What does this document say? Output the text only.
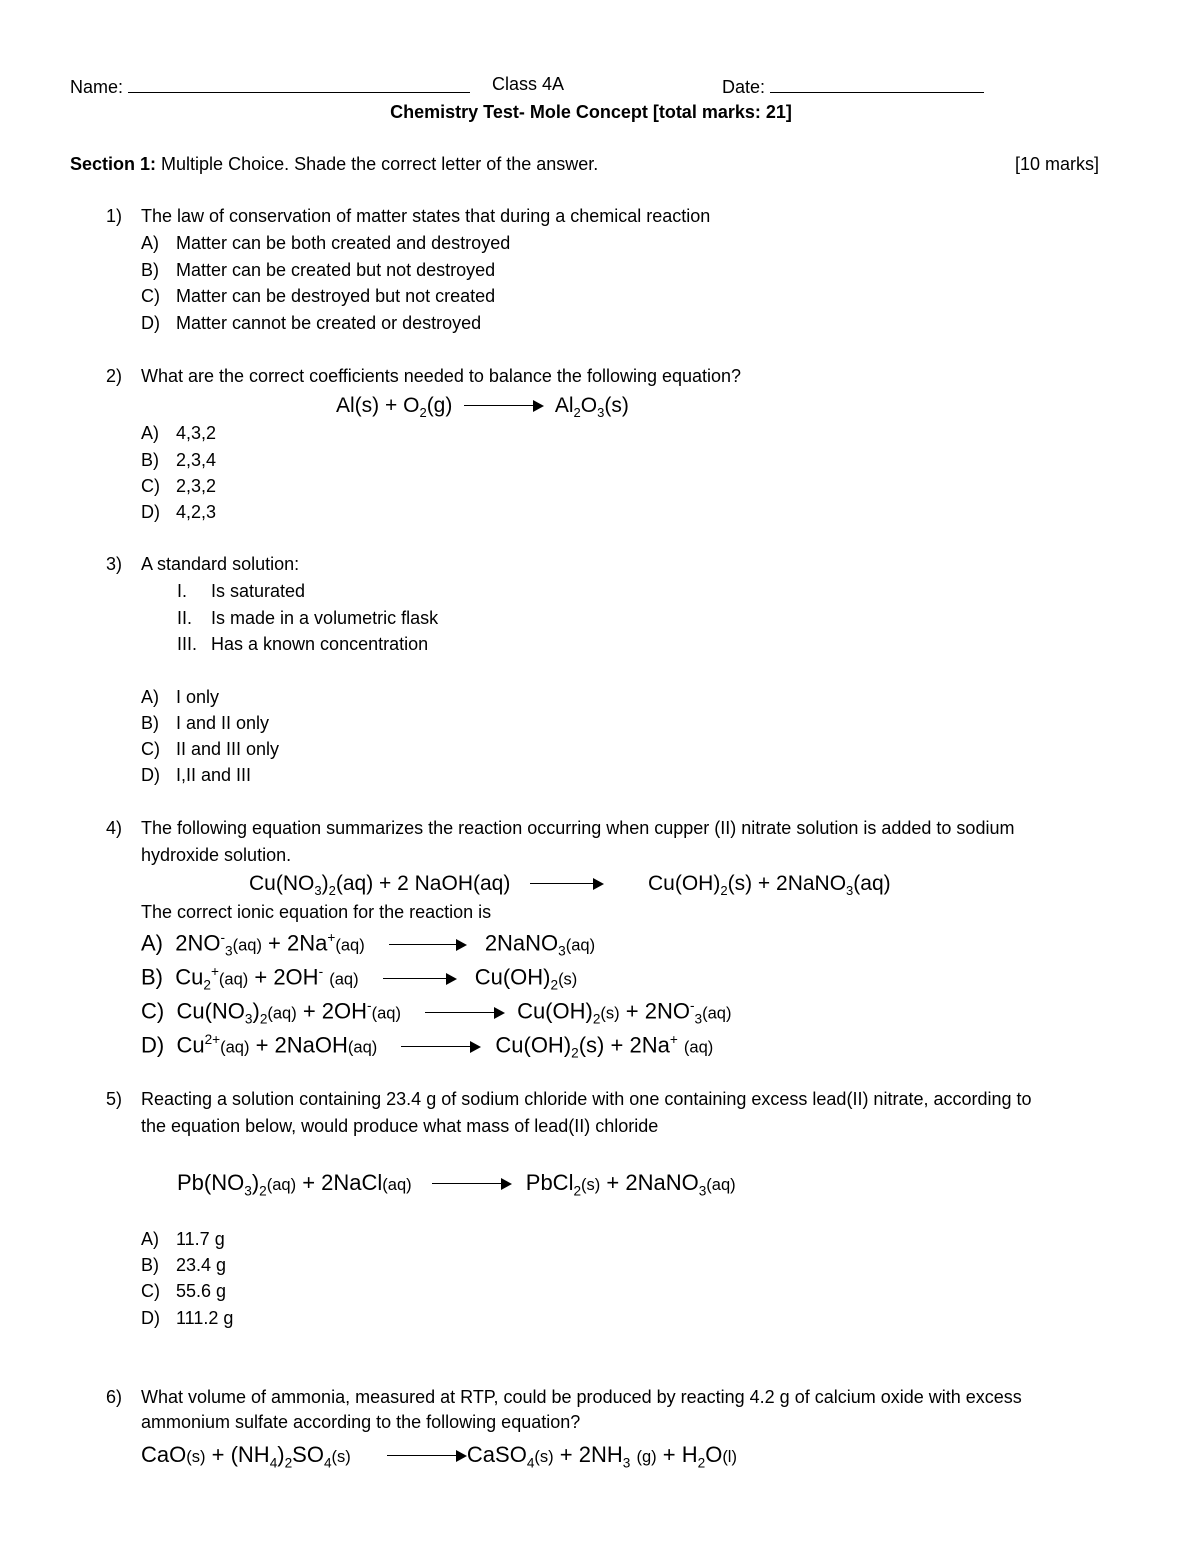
Name:	Class 4A	Date:
Chemistry Test- Mole Concept [total marks: 21]
Section 1: Multiple Choice. Shade the correct letter of the answer.	[10 marks]
1) The law of conservation of matter states that during a chemical reaction
A) Matter can be both created and destroyed
B) Matter can be created but not destroyed
C) Matter can be destroyed but not created
D) Matter cannot be created or destroyed
2) What are the correct coefficients needed to balance the following equation?
$Al(s) + O_2(g)$	$Al_2O_3(s)$
A) 4,3,2
B) 2,3,4
C) 2,3,2
D) 4,2,3
3) A standard solution:
I. Is saturated
II. Is made in a volumetric flask
III. Has a known concentration
A) I only
B) I and II only
C) II and III only
D) I,II and III
4) The following equation summarizes the reaction occurring when cupper (II) nitrate solution is added to sodium
hydroxide solution.
$Cu(NO_3)_2(aq) + 2$ NaOH(aq)	$Cu(OH)_2(s)$ + 2NaNO$_3$(aq)
The correct ionic equation for the reaction is
A)  $2NO^-_3(aq) + 2Na^+(aq)$	2NaNO$_3$(aq)
B)  $Cu_2^+(aq) + 2OH^-$ (aq)	$Cu(OH)_2(s)$
C)  $Cu(NO_3)_2(aq) + 2OH^-(aq)$	$Cu(OH)_2(s) + 2NO^-_3(aq)$
D)  $Cu^{2+}(aq)$ + 2NaOH(aq)	$Cu(OH)_2(s) + 2Na^+$ (aq)
5) Reacting a solution containing 23.4 g of sodium chloride with one containing excess lead(II) nitrate, according to
the equation below, would produce what mass of lead(II) chloride
$Pb(NO_3)_2(aq)$ + 2NaCl(aq)	PbCl$_2$(s) + 2NaNO$_3$(aq)
A) 11.7 g
B) 23.4 g
C) 55.6 g
D) 111.2 g
6) What volume of ammonia, measured at RTP, could be produced by reacting 4.2 g of calcium oxide with excess
ammonium sulfate according to the following equation?
$CaO(s) + (NH_4)_2SO_4(s)$	CaSO$_4$(s) + $2NH_3$ $(g) + H_2O(l)$
